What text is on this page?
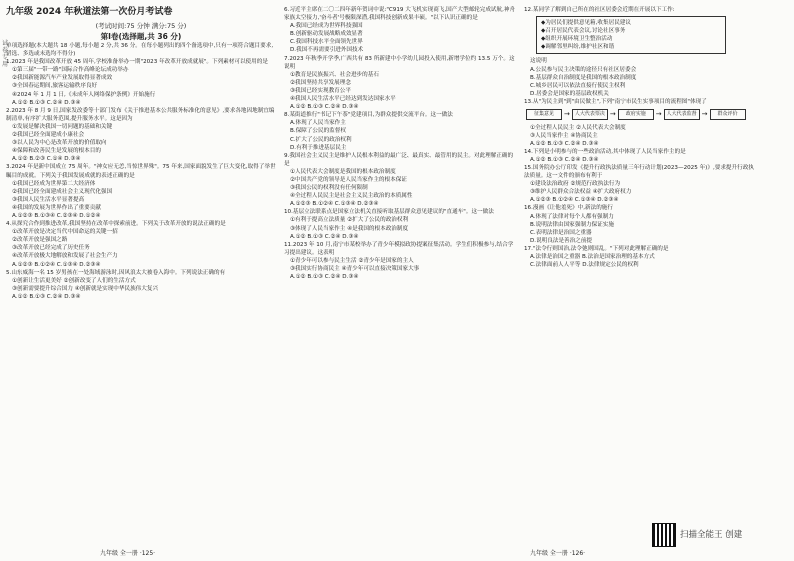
试卷专用
九年级 2024 年秋道法第一次份月考试卷
(考试时间:75 分钟 满分:75 分)
第Ⅰ卷(选择题,共 36 分)

单项选择题(本大题共 18 小题,每小题 2 分,共 36 分。在每小题列出的四个备选项中,只有一项符合题目要求,错选、多选或未选均不得分)

1.2023 年是我国改革开放 45 周年,学校准备举办一期"2023 年改革开放成就展"。下列素材可以使用的是

①第三届"一带一路"国际合作高峰论坛成功举办

②我国新能源汽车产业发展取得显著成效

③全国春运期间,旅客运输秩序良好

④2024 年 1 月 1 日,《未成年人网络保护条例》开始施行

A.①② B.①③ C.②④ D.③④

2.2023 年 8 月 9 日,国家发改委等十部门发布《关于推进基本公共服务标准化的意见》,要求各地因地制宜编制清单,有序扩大服务范围,提升服务水平。这是因为

①发展是解决我国一切问题的基础和关键

②我国已经全面建成小康社会

③以人民为中心是改革开放的价值取向

④保障和改善民生是发展的根本目的

A.①② B.②③ C.①④ D.③④

3.2024 年是新中国成立 75 周年。"神女应无恙,当惊世界殊"。75 年来,国家面貌发生了巨大变化,取得了举世瞩目的成就。下列关于我国发展成就的表述正确的是

①我国已经成为世界第二大经济体

②我国已经全面建成社会主义现代化强国

③我国人民生活水平显著提高

④我国的发展为世界作出了重要贡献

A.①②③ B.①③④ C.②③④ D.①②④

4.从探究合作到推进改革,我国坚持在改革中探索前进。下列关于改革开放的说法正确的是

①改革开放是决定当代中国命运的关键一招

②改革开放是强国之路

③改革开放已经完成了历史任务

④改革开放极大地解放和发展了社会生产力

A.①②③ B.①②④ C.①③④ D.②③④

5.山东威海一名 15 岁男孩在一处海域游泳时,因风浪太大被卷入海中。下列说法正确的有

①创新让生活更美好 ②创新改变了人们的生活方式

③创新需要提升综合国力 ④创新就是实现中华民族伟大复兴

A.①② B.①③ C.②④ D.③④

6.习近平主席在二〇二四年新年贺词中说:"C919 大飞机实现商飞,国产大型邮轮完成试航,神舟家族太空接力,'奋斗者'号极限深潜,我国科技创新成果丰硕。"以下认识正确的是

A.我国已经成为世界科技强国

B.创新驱动发展战略成效显著

C.我国科技水平全面领先世界

D.我国不再需要引进外国技术

7.2023 年秋季开学季,广西共有 83 所新建中小学幼儿园投入使用,新增学位约 13.5 万个。这说明

①教育是民族振兴、社会进步的基石

②我国坚持共享发展理念

③我国已经实现教育公平

④我国人民生活水平已经达到发达国家水平

A.①② B.①③ C.②④ D.③④

8.某街道推行"书记下午茶"党建项目,为群众提供交流平台。这一做法

A.体现了人民当家作主

B.保障了公民的监督权

C.扩大了公民的政治权利

D.有利于推进基层民主

9.我国社会主义民主是维护人民根本利益的最广泛、最真实、最管用的民主。对此理解正确的是

①人民代表大会制度是我国的根本政治制度

②中国共产党的领导是人民当家作主的根本保证

③我国公民的权利没有任何限制

④全过程人民民主是社会主义民主政治的本质属性

A.①②③ B.①②④ C.①③④ D.②③④

10.基层立法联系点是国家立法机关直接听取基层群众意见建议的"直通车"。这一做法

①有利于提高立法质量 ②扩大了公民的政治权利

③体现了人民当家作主 ④是我国的根本政治制度

A.①② B.①③ C.②④ D.③④

11.2023 年 10 月,南宁市某校举办了青少年模拟政协提案征集活动。学生们积极参与,结合学习提出建议。这表明

①青少年可以参与民主生活 ②青少年是国家的主人

③我国实行协商民主 ④青少年可以直接决策国家大事

A.①② B.①③ C.②④ D.③④

12.某同学了解到自己所在的社区居委会近期在开展以下工作:

◆为居民们提供意见箱,收集居民建议

◆召开居民代表会议,讨论社区事务

◆组织开展环境卫生整治活动

◆调解邻里纠纷,维护社区和谐

这说明

A.公民参与民主决策的途径只有社区居委会

B.基层群众自治制度是我国的根本政治制度

C.城乡居民可以依法直接行使民主权利

D.居委会是国家的基层政权机关

13.从"为民主到"到"由民做主",下列"南宁市民生实事项目的流程图"体现了

征集意见	→	人大代表票决 →	政府实施	→	人大代表监督 →	群众评价

①全过程人民民主 ②人民代表大会制度

③人民当家作主 ④协商民主

A.①② B.①③ C.②④ D.③④

14.下列是小明参与的一些政治活动,其中体现了人民当家作主的是

A.①② B.①③ C.②④ D.③④

15.国务院办公厅印发《提升行政执法质量三年行动计划(2023—2025 年)》,要求提升行政执法质量。这一文件的颁布有利于

①建设法治政府 ②规范行政执法行为

③维护人民群众合法权益 ④扩大政府权力

A.①②③ B.①②④ C.①③④ D.②③④

16.漫画《让他羞死》中,新法的施行

A.体现了法律对每个人都有强制力

B.说明法律由国家强制力保证实施

C.表明法律是治国之重器

D.说明良法是善治之前提

17."法令行则国治,法令弛则国乱。"下列对此理解正确的是

A.法律是治国之重器 B.法治是国家治理的基本方式

C.法律面前人人平等 D.法律规定公民的权利

九年级 全一册 ·125·	九年级 全一册 ·126·
扫描全能王 创建
